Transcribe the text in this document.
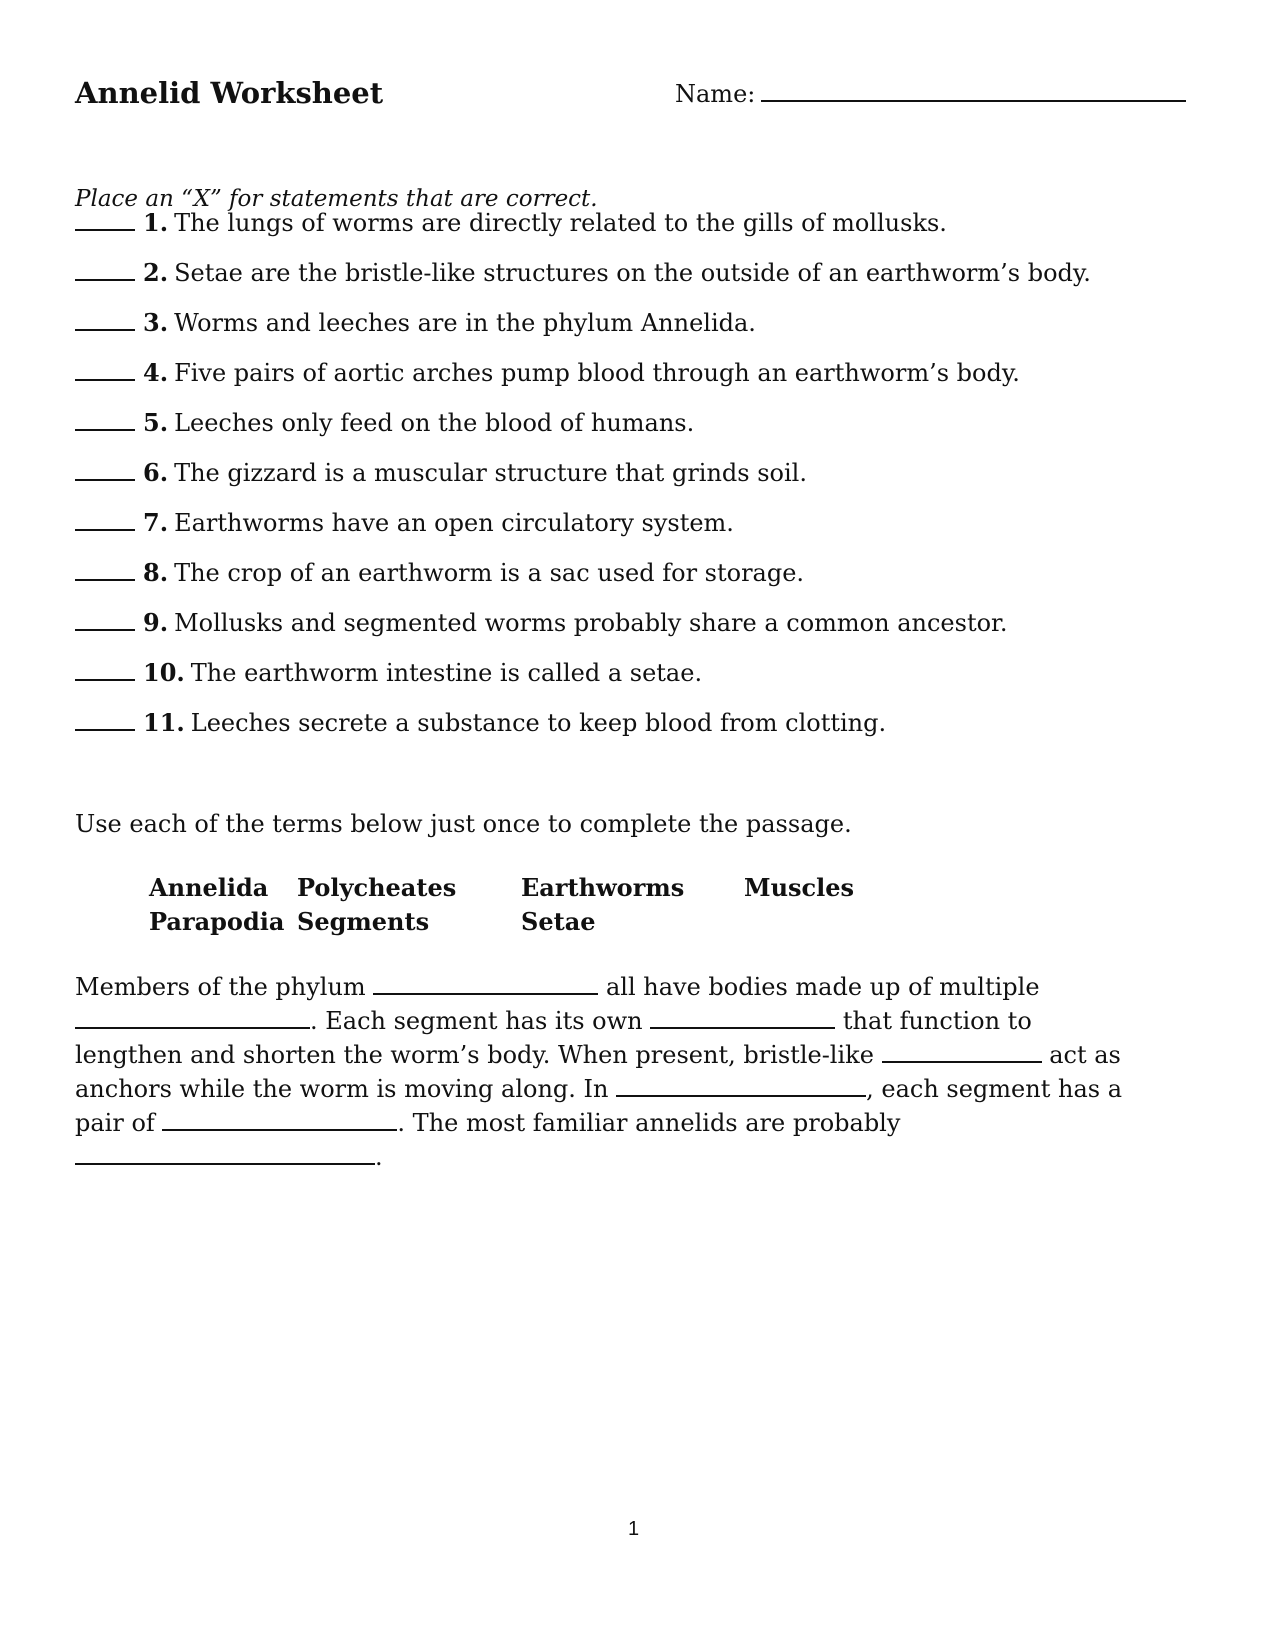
Annelid Worksheet	Name:
Place an “X” for statements that are correct.
1. The lungs of worms are directly related to the gills of mollusks.
2. Setae are the bristle-like structures on the outside of an earthworm’s body.
3. Worms and leeches are in the phylum Annelida.
4. Five pairs of aortic arches pump blood through an earthworm’s body.
5. Leeches only feed on the blood of humans.
6. The gizzard is a muscular structure that grinds soil.
7. Earthworms have an open circulatory system.
8. The crop of an earthworm is a sac used for storage.
9. Mollusks and segmented worms probably share a common ancestor.
10. The earthworm intestine is called a setae.
11. Leeches secrete a substance to keep blood from clotting.
Use each of the terms below just once to complete the passage.
Annelida Polycheates	Earthworms Muscles
Parapodia Segments	Setae
Members of the phylum	all have bodies made up of multiple
. Each segment has its own	that function to
lengthen and shorten the worm’s body. When present, bristle-like	act as
anchors while the worm is moving along. In	, each segment has a
pair of	. The most familiar annelids are probably
.
1
